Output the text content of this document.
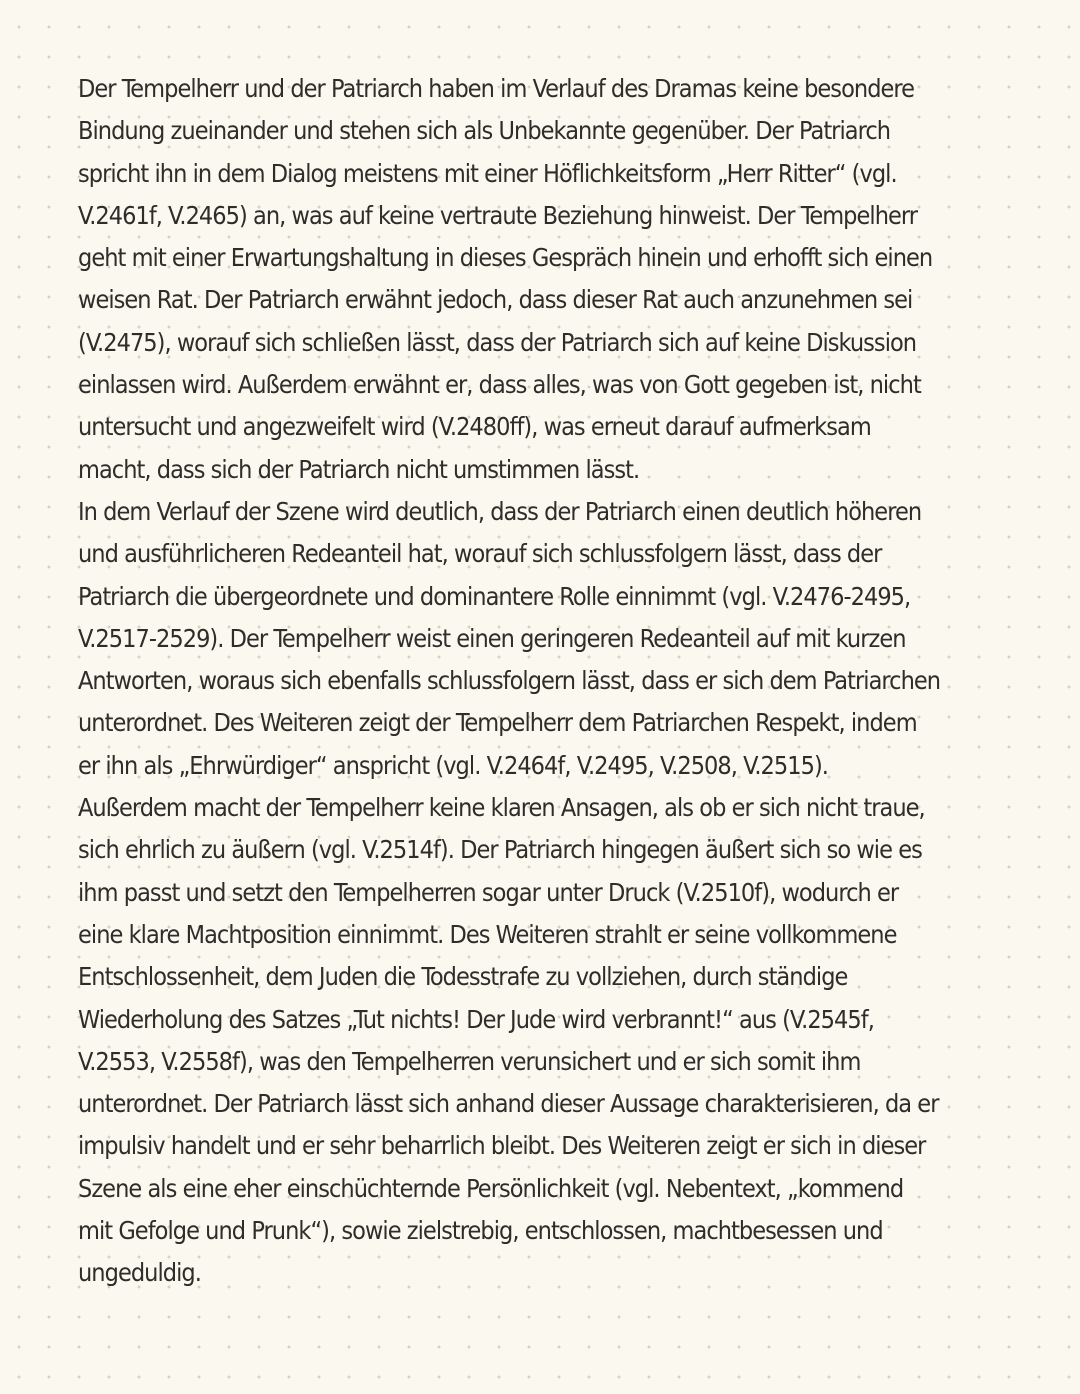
Der Tempelherr und der Patriarch haben im Verlauf des Dramas keine besondere
Bindung zueinander und stehen sich als Unbekannte gegenüber. Der Patriarch
spricht ihn in dem Dialog meistens mit einer Höflichkeitsform „Herr Ritter“ (vgl.
V.2461f, V.2465) an, was auf keine vertraute Beziehung hinweist. Der Tempelherr
geht mit einer Erwartungshaltung in dieses Gespräch hinein und erhofft sich einen
weisen Rat. Der Patriarch erwähnt jedoch, dass dieser Rat auch anzunehmen sei
(V.2475), worauf sich schließen lässt, dass der Patriarch sich auf keine Diskussion
einlassen wird. Außerdem erwähnt er, dass alles, was von Gott gegeben ist, nicht
untersucht und angezweifelt wird (V.2480ff), was erneut darauf aufmerksam
macht, dass sich der Patriarch nicht umstimmen lässt.
In dem Verlauf der Szene wird deutlich, dass der Patriarch einen deutlich höheren
und ausführlicheren Redeanteil hat, worauf sich schlussfolgern lässt, dass der
Patriarch die übergeordnete und dominantere Rolle einnimmt (vgl. V.2476-2495,
V.2517-2529). Der Tempelherr weist einen geringeren Redeanteil auf mit kurzen
Antworten, woraus sich ebenfalls schlussfolgern lässt, dass er sich dem Patriarchen
unterordnet. Des Weiteren zeigt der Tempelherr dem Patriarchen Respekt, indem
er ihn als „Ehrwürdiger“ anspricht (vgl. V.2464f, V.2495, V.2508, V.2515).
Außerdem macht der Tempelherr keine klaren Ansagen, als ob er sich nicht traue,
sich ehrlich zu äußern (vgl. V.2514f). Der Patriarch hingegen äußert sich so wie es
ihm passt und setzt den Tempelherren sogar unter Druck (V.2510f), wodurch er
eine klare Machtposition einnimmt. Des Weiteren strahlt er seine vollkommene
Entschlossenheit, dem Juden die Todesstrafe zu vollziehen, durch ständige
Wiederholung des Satzes „Tut nichts! Der Jude wird verbrannt!“ aus (V.2545f,
V.2553, V.2558f), was den Tempelherren verunsichert und er sich somit ihm
unterordnet. Der Patriarch lässt sich anhand dieser Aussage charakterisieren, da er
impulsiv handelt und er sehr beharrlich bleibt. Des Weiteren zeigt er sich in dieser
Szene als eine eher einschüchternde Persönlichkeit (vgl. Nebentext, „kommend
mit Gefolge und Prunk“), sowie zielstrebig, entschlossen, machtbesessen und
ungeduldig.
